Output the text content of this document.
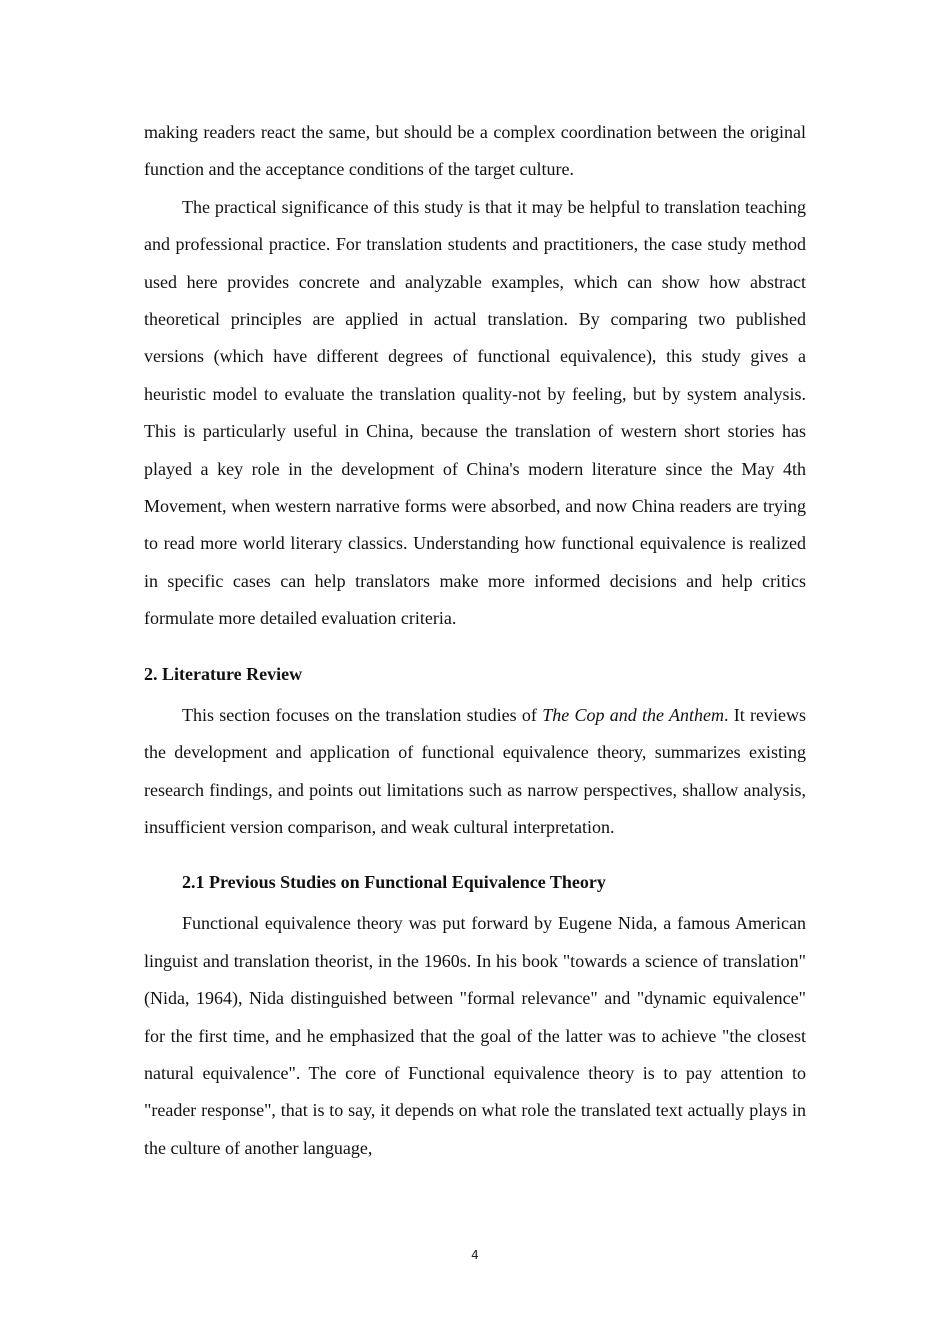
making readers react the same, but should be a complex coordination between the original function and the acceptance conditions of the target culture.

The practical significance of this study is that it may be helpful to translation teaching and professional practice. For translation students and practitioners, the case study method used here provides concrete and analyzable examples, which can show how abstract theoretical principles are applied in actual translation. By comparing two published versions (which have different degrees of functional equivalence), this study gives a heuristic model to evaluate the translation quality-not by feeling, but by system analysis. This is particularly useful in China, because the translation of western short stories has played a key role in the development of China's modern literature since the May 4th Movement, when western narrative forms were absorbed, and now China readers are trying to read more world literary classics. Understanding how functional equivalence is realized in specific cases can help translators make more informed decisions and help critics formulate more detailed evaluation criteria.

2. Literature Review

This section focuses on the translation studies of The Cop and the Anthem. It reviews the development and application of functional equivalence theory, summarizes existing research findings, and points out limitations such as narrow perspectives, shallow analysis, insufficient version comparison, and weak cultural interpretation.

2.1 Previous Studies on Functional Equivalence Theory

Functional equivalence theory was put forward by Eugene Nida, a famous American linguist and translation theorist, in the 1960s. In his book "towards a science of translation" (Nida, 1964), Nida distinguished between "formal relevance" and "dynamic equivalence" for the first time, and he emphasized that the goal of the latter was to achieve "the closest natural equivalence". The core of Functional equivalence theory is to pay attention to "reader response", that is to say, it depends on what role the translated text actually plays in the culture of another language,

4
